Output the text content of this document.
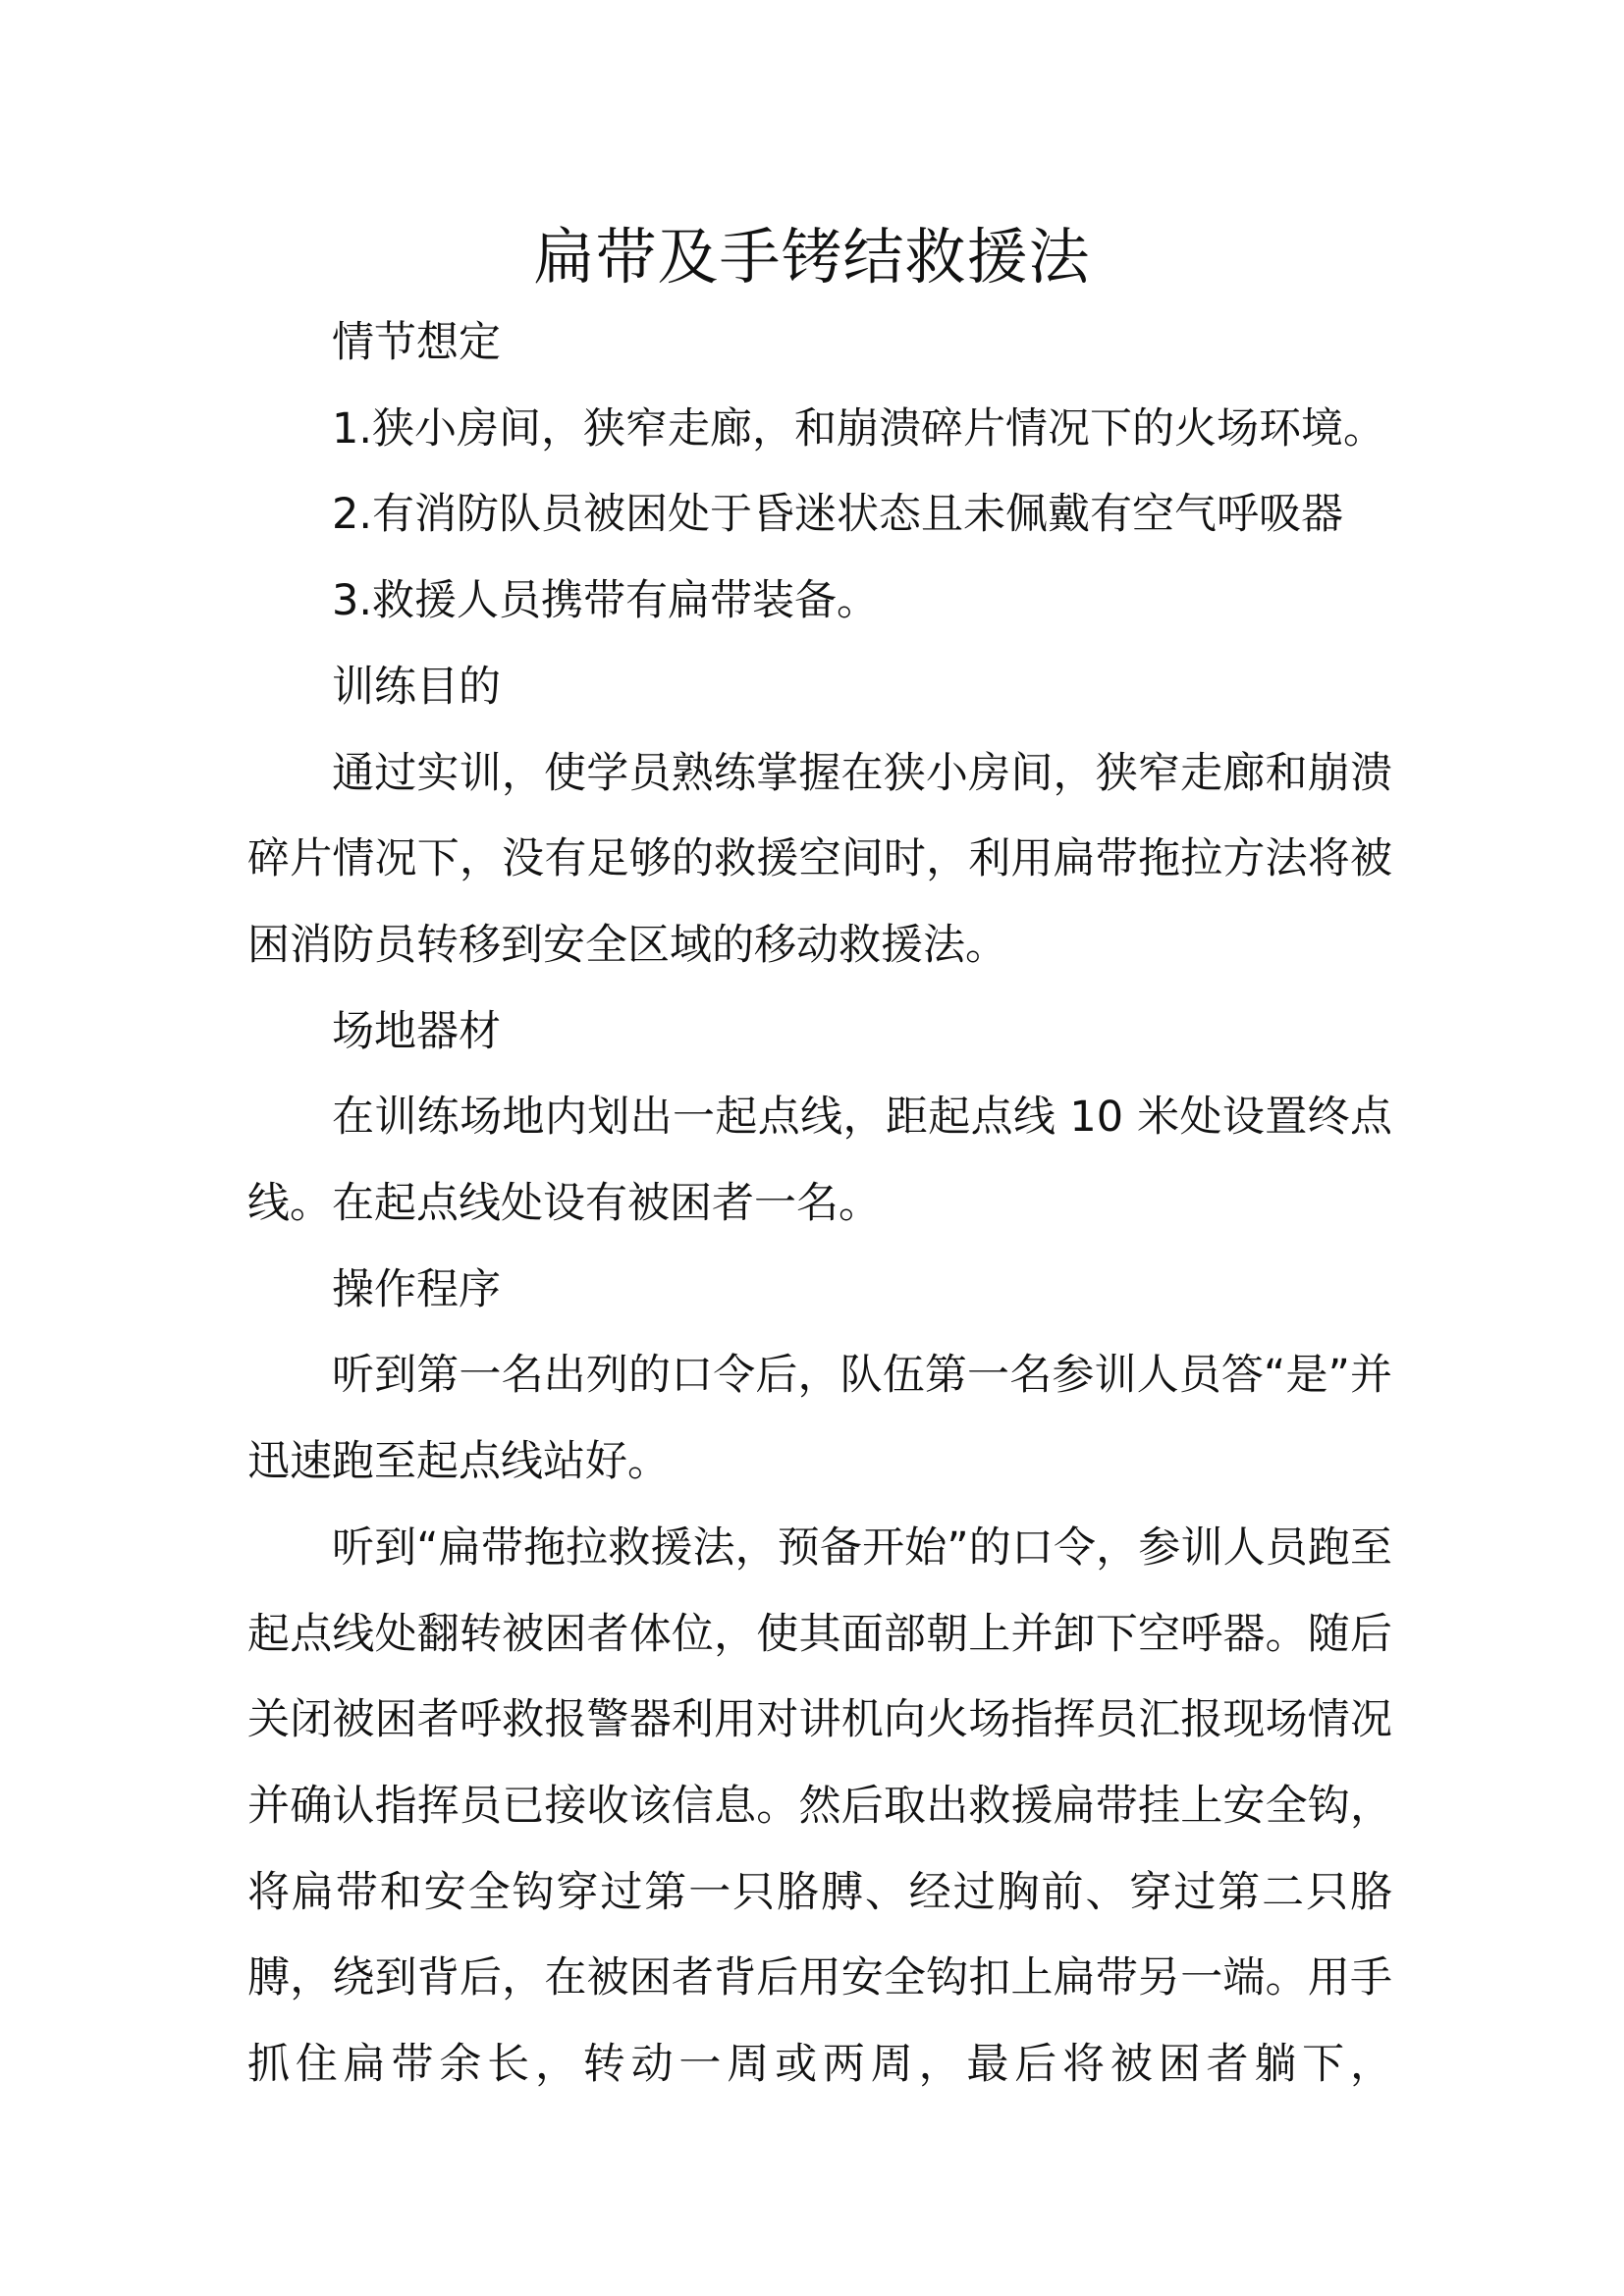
扁带及手铐结救援法

情节想定

1.狭小房间，狭窄走廊，和崩溃碎片情况下的火场环境。

2.有消防队员被困处于昏迷状态且未佩戴有空气呼吸器

3.救援人员携带有扁带装备。

训练目的

通过实训，使学员熟练掌握在狭小房间，狭窄走廊和崩溃碎片情况下，没有足够的救援空间时，利用扁带拖拉方法将被困消防员转移到安全区域的移动救援法。

场地器材

在训练场地内划出一起点线，距起点线 10 米处设置终点线。在起点线处设有被困者一名。

操作程序

听到第一名出列的口令后，队伍第一名参训人员答“是”并迅速跑至起点线站好。

听到“扁带拖拉救援法，预备开始”的口令，参训人员跑至起点线处翻转被困者体位，使其面部朝上并卸下空呼器。随后关闭被困者呼救报警器利用对讲机向火场指挥员汇报现场情况并确认指挥员已接收该信息。然后取出救援扁带挂上安全钩，将扁带和安全钩穿过第一只胳膊、经过胸前、穿过第二只胳膊，绕到背后，在被困者背后用安全钩扣上扁带另一端。用手抓住扁带余长，转动一周或两周，最后将被困者躺下，
